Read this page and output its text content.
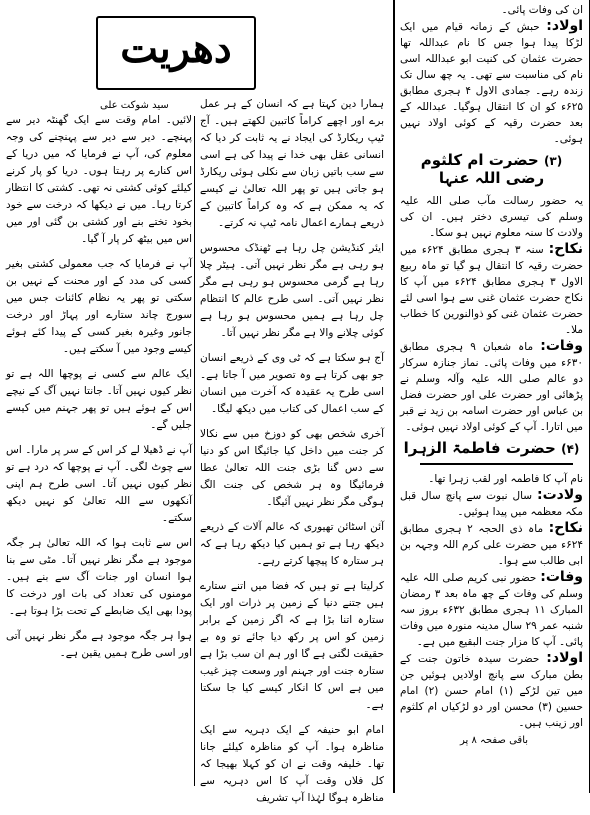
ان کی وفات پائی۔
اولاد: حبش کے زمانہ قیام میں ایک لڑکا پیدا ہوا جس کا نام عبداللہ تھا حضرت عثمان کی کنیت ابو عبداللہ اسی نام کی مناسبت سے تھی۔ یہ چھ سال تک زندہ رہے۔ جمادی الاول ۴ ہجری مطابق ۶۲۵ء کو ان کا انتقال ہوگیا۔ عبداللہ کے بعد حضرت رقیہ کے کوئی اولاد نہیں ہوئی۔
(۳) حضرت ام کلثوم رضی اللہ عنہا
یہ حضور رسالت مآب صلی اللہ علیہ وسلم کی تیسری دختر ہیں۔ ان کی ولادت کا سنہ معلوم نہیں ہو سکا۔
نکاح: سنہ ۳ ہجری مطابق ۶۲۴ء میں حضرت رقیہ کا انتقال ہو گیا تو ماہ ربیع الاول ۳ ہجری مطابق ۶۲۴ء میں آپ کا نکاح حضرت عثمان غنی سے ہوا اسی لئے حضرت عثمان غنی کو ذوالنورین کا خطاب ملا۔
وفات: ماہ شعبان ۹ ہجری مطابق ۶۳۰ء میں وفات پائی۔ نماز جنازہ سرکار دو عالم صلی اللہ علیہ وآلہ وسلم نے پڑھائی اور حضرت علی اور حضرت فضل بن عباس اور حضرت اسامہ بن زید نے قبر میں اتارا۔ آپ کے کوئی اولاد نہیں ہوئی۔
(۴) حضرت فاطمۃ الزہرا
نام آپ کا فاطمہ اور لقب زہرا تھا۔
ولادت: سال نبوت سے پانچ سال قبل مکہ معظمہ میں پیدا ہوئیں۔
نکاح: ماہ ذی الحجہ ۲ ہجری مطابق ۶۲۴ء میں حضرت علی کرم اللہ وجہہ بن ابی طالب سے ہوا۔
وفات: حضور نبی کریم صلی اللہ علیہ وسلم کی وفات کے چھ ماہ بعد ۳ رمضان المبارک ۱۱ ہجری مطابق ۶۳۲ء بروز سہ شنبہ عمر ۲۹ سال مدینہ منورہ میں وفات پائی۔ آپ کا مزار جنت البقیع میں ہے۔
اولاد: حضرت سیدہ خاتون جنت کے بطن مبارک سے پانچ اولادیں ہوئیں جن میں تین لڑکے (۱) امام حسن (۲) امام حسین (۳) محسن اور دو لڑکیاں ام کلثوم اور زینب ہیں۔
باقی صفحہ ۸ پر
دھریت
سید شوکت علی	ہمارا دین کہتا ہے کہ انسان کے ہر عمل برے اور اچھے کراماً کاتبین لکھتے ہیں۔ آج ٹیپ ریکارڈ کی ایجاد نے یہ ثابت کر دیا کہ انسانی عقل بھی خدا نے پیدا کی ہے اسی سے سب باتیں زبان سے نکلی ہوئی ریکارڈ ہو جاتی ہیں تو پھر اللہ تعالیٰ نے کیسے کہ یہ ممکن ہے کہ وہ کراماً کاتبین کے ذریعے ہمارے اعمال نامہ ٹیپ نہ کرتے۔

ایئر کنڈیشن چل رہا ہے ٹھنڈک محسوس ہو رہی ہے مگر نظر نہیں آتی۔ ہیٹر چلا رہا ہے گرمی محسوس ہو رہی ہے مگر نظر نہیں آتی۔ اسی طرح عالم کا انتظام چل رہا ہے ہمیں محسوس ہو رہا ہے کوئی چلانے والا ہے مگر نظر نہیں آتا۔

آج ہو سکتا ہے کہ ٹی وی کے ذریعے انسان جو بھی کرتا ہے وہ تصویر میں آ جاتا ہے۔ اسی طرح یہ عقیدہ کہ آخرت میں انسان کے سب اعمال کی کتاب میں دیکھ لیگا۔

آخری شخص بھی کو دوزخ میں سے نکالا کر جنت میں داخل کیا جائیگا اس کو دنیا سے دس گنا بڑی جنت اللہ تعالیٰ عطا فرمائیگا وہ ہر شخص کی جنت الگ ہوگی مگر نظر نہیں آئیگا۔

آئن اسٹائن تھیوری کہ عالم آلات کے ذریعے دیکھ رہا ہے تو ہمیں کیا دیکھ رہا ہے کہ ہر ستارہ کا پیچھا کرتے رہے۔

کرلیتا ہے تو ہیں کہ فضا میں اتنے ستارے ہیں جتنے دنیا کے زمین پر ذرات اور ایک ستارہ اتنا بڑا ہے کہ اگر زمین کے برابر زمین کو اس پر رکھ دیا جائے تو وہ بے حقیقت لگتی ہے گا اور ہم ان سب بڑا ہے ستارہ جنت اور جہنم اور وسعت چیز غیب میں ہے اس کا انکار کیسے کیا جا سکتا ہے۔

امام ابو حنیفہ کے ایک دہریہ سے ایک مناظرہ ہوا۔ آپ کو مناظرہ کیلئے جانا تھا۔ خلیفہ وقت نے ان کو کہلا بھیجا کہ کل فلاں وقت آپ کا اس دہریہ سے مناظرہ ہوگا لہٰذا آپ تشریف

لائیں۔ امام وقت سے ایک گھنٹہ دیر سے پہنچے۔ دیر سے دیر سے پہنچنے کی وجہ معلوم کی، آپ نے فرمایا کہ میں دریا کے اس کنارے پر رہتا ہوں۔ دریا کو پار کرنے کیلئے کوئی کشتی نہ تھی۔ کشتی کا انتظار کرتا رہا۔ میں نے دیکھا کہ درخت سے خود بخود تختے بنے اور کشتی بن گئی اور میں اس میں بیٹھ کر پار آ گیا۔

آپ نے فرمایا کہ جب معمولی کشتی بغیر کسی کی مدد کے اور محنت کے نہیں بن سکتی تو پھر یہ نظام کائنات جس میں سورج چاند ستارے اور پہاڑ اور درخت جانور وغیرہ بغیر کسی کے پیدا کئے ہوئے کیسے وجود میں آ سکتے ہیں۔

ایک عالم سے کسی نے پوچھا اللہ ہے تو نظر کیوں نہیں آتا۔ جانتا نہیں آگ کے نیچے اس کے ہوئے ہیں تو پھر جہنم میں کیسے جلیں گے۔

آپ نے ڈھیلا لے کر اس کے سر پر مارا۔ اس سے چوٹ لگی۔ آپ نے پوچھا کہ درد ہے تو نظر کیوں نہیں آتا۔ اسی طرح ہم اپنی آنکھوں سے اللہ تعالیٰ کو نہیں دیکھ سکتے۔

اس سے ثابت ہوا کہ اللہ تعالیٰ ہر جگہ موجود ہے مگر نظر نہیں آتا۔ مٹی سے بنا ہوا انسان اور جنات آگ سے بنے ہیں۔ مومنوں کی تعداد کی بات اور درخت کا پودا بھی ایک ضابطے کے تحت بڑا ہوتا ہے۔

ہوا ہر جگہ موجود ہے مگر نظر نہیں آتی اور اسی طرح ہمیں یقین ہے۔
